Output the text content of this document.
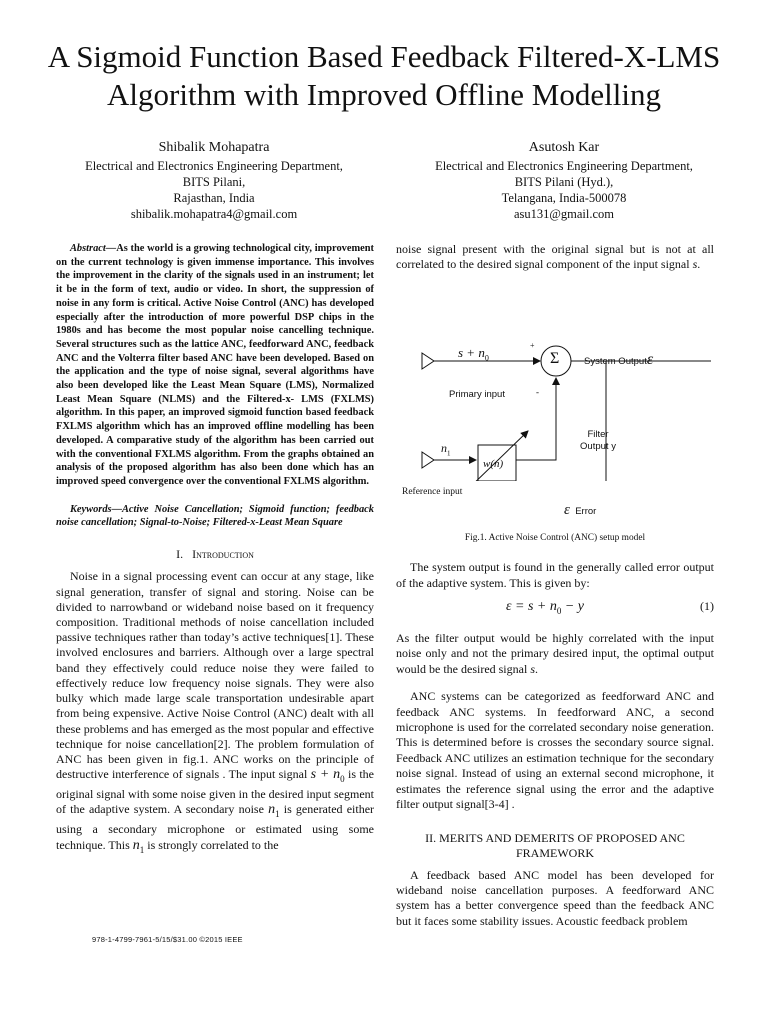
A Sigmoid Function Based Feedback Filtered-X-LMS
Algorithm with Improved Offline Modelling
Shibalik Mohapatra
Electrical and Electronics Engineering Department,
BITS Pilani,
Rajasthan, India
shibalik.mohapatra4@gmail.com
Asutosh Kar
Electrical and Electronics Engineering Department,
BITS Pilani (Hyd.),
Telangana, India-500078
asu131@gmail.com

Abstract—As the world is a growing technological city, improvement on the current technology is given immense importance. This involves the improvement in the clarity of the signals used in an instrument; let it be in the form of text, audio or video. In short, the suppression of noise in any form is critical. Active Noise Control (ANC) has developed especially after the introduction of more powerful DSP chips in the 1980s and has become the most popular noise cancelling technique. Several structures such as the lattice ANC, feedforward ANC, feedback ANC and the Volterra filter based ANC have been developed. Based on the application and the type of noise signal, several algorithms have also been developed like the Least Mean Square (LMS), Normalized Least Mean Square (NLMS) and the Filtered-x- LMS (FXLMS) algorithm. In this paper, an improved sigmoid function based feedback FXLMS algorithm which has an improved offline modelling has been developed. A comparative study of the algorithm has been carried out with the conventional FXLMS algorithm. From the graphs obtained an analysis of the proposed algorithm has also been done which has an improved speed convergence over the conventional FXLMS algorithm.

Keywords—Active Noise Cancellation; Sigmoid function; feedback noise cancellation; Signal-to-Noise; Filtered-x-Least Mean Square

I. Introduction

Noise in a signal processing event can occur at any stage, like signal generation, transfer of signal and storing. Noise can be divided to narrowband or wideband noise based on it frequency composition. Traditional methods of noise cancellation included passive techniques rather than today’s active techniques[1]. These involved enclosures and barriers. Although over a large spectral band they effectively could reduce noise they were failed to effectively reduce low frequency noise signals. They were also bulky which made large scale transportation undesirable apart from being expensive. Active Noise Control (ANC) dealt with all these problems and has emerged as the most popular and effective technique for noise cancellation[2]. The problem formulation of ANC has been given in fig.1. ANC works on the principle of destructive interference of signals . The input signal $s + n_0$ is the original signal with some noise given in the desired input segment of the adaptive system. A secondary noise $n_1$ is generated either using a secondary microphone or estimated using some technique. This $n_1$ is strongly correlated to the

noise signal present with the original signal but is not at all correlated to the desired signal component of the input signal s.

$s + n_0$
+
-
Σ	System Outputε
Primary input
$n_1$
w(n)
Filter
Output y
Reference input
ε Error
Fig.1. Active Noise Control (ANC) setup model

The system output is found in the generally called error output of the adaptive system. This is given by:

$\varepsilon = s + n_0 - y$	(1)

As the filter output would be highly correlated with the input noise only and not the primary desired input, the optimal output would be the desired signal s.

ANC systems can be categorized as feedforward ANC and feedback ANC systems. In feedforward ANC, a second microphone is used for the correlated secondary noise generation. This is determined before is crosses the secondary source signal. Feedback ANC utilizes an estimation technique for the secondary noise signal. Instead of using an external second microphone, it estimates the reference signal using the error and the adaptive filter output signal[3-4] .

II. MERITS AND DEMERITS OF PROPOSED ANC
FRAMEWORK

A feedback based ANC model has been developed for wideband noise cancellation purposes. A feedforward ANC system has a better convergence speed than the feedback ANC but it faces some stability issues. Acoustic feedback problem

978-1-4799-7961-5/15/$31.00 ©2015 IEEE
